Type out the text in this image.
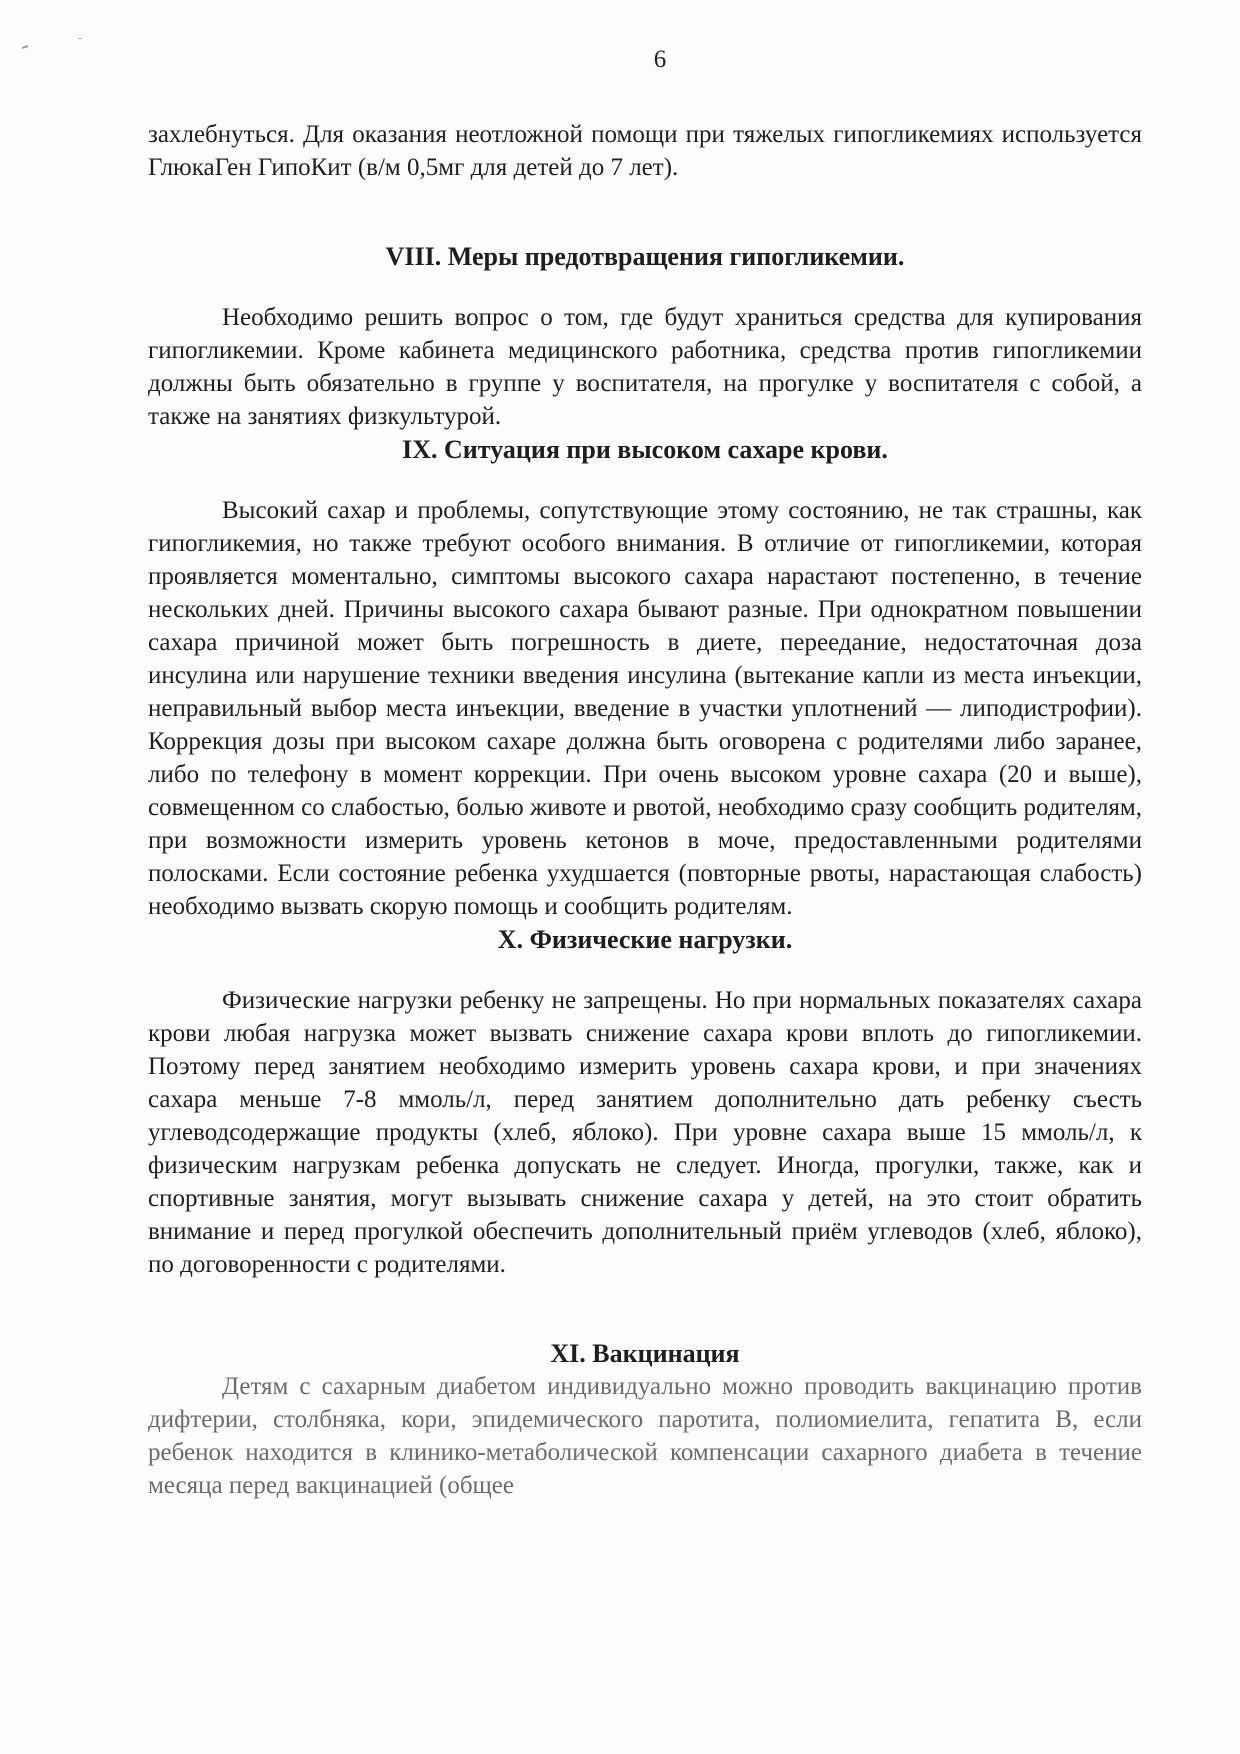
6

захлебнуться. Для оказания неотложной помощи при тяжелых гипогликемиях используется ГлюкаГен ГипоКит (в/м 0,5мг для детей до 7 лет).

VIII. Меры предотвращения гипогликемии.

Необходимо решить вопрос о том, где будут храниться средства для купирования гипогликемии. Кроме кабинета медицинского работника, средства против гипогликемии должны быть обязательно в группе у воспитателя, на прогулке у воспитателя с собой, а также на занятиях физкультурой.

IX. Ситуация при высоком сахаре крови.

Высокий сахар и проблемы, сопутствующие этому состоянию, не так страшны, как гипогликемия, но также требуют особого внимания. В отличие от гипогликемии, которая проявляется моментально, симптомы высокого сахара нарастают постепенно, в течение нескольких дней. Причины высокого сахара бывают разные. При однократном повышении сахара причиной может быть погрешность в диете, переедание, недостаточная доза инсулина или нарушение техники введения инсулина (вытекание капли из места инъекции, неправильный выбор места инъекции, введение в участки уплотнений — липодистрофии). Коррекция дозы при высоком сахаре должна быть оговорена с родителями либо заранее, либо по телефону в момент коррекции. При очень высоком уровне сахара (20 и выше), совмещенном со слабостью, болью животе и рвотой, необходимо сразу сообщить родителям, при возможности измерить уровень кетонов в моче, предоставленными родителями полосками. Если состояние ребенка ухудшается (повторные рвоты, нарастающая слабость) необходимо вызвать скорую помощь и сообщить родителям.

X. Физические нагрузки.

Физические нагрузки ребенку не запрещены. Но при нормальных показателях сахара крови любая нагрузка может вызвать снижение сахара крови вплоть до гипогликемии. Поэтому перед занятием необходимо измерить уровень сахара крови, и при значениях сахара меньше 7-8 ммоль/л, перед занятием дополнительно дать ребенку съесть углеводсодержащие продукты (хлеб, яблоко). При уровне сахара выше 15 ммоль/л, к физическим нагрузкам ребенка допускать не следует. Иногда, прогулки, также, как и спортивные занятия, могут вызывать снижение сахара у детей, на это стоит обратить внимание и перед прогулкой обеспечить дополнительный приём углеводов (хлеб, яблоко), по договоренности с родителями.

XI. Вакцинация

Детям с сахарным диабетом индивидуально можно проводить вакцинацию против дифтерии, столбняка, кори, эпидемического паротита, полиомиелита, гепатита В, если ребенок находится в клинико-метаболической компенсации сахарного диабета в течение месяца перед вакцинацией (общее
